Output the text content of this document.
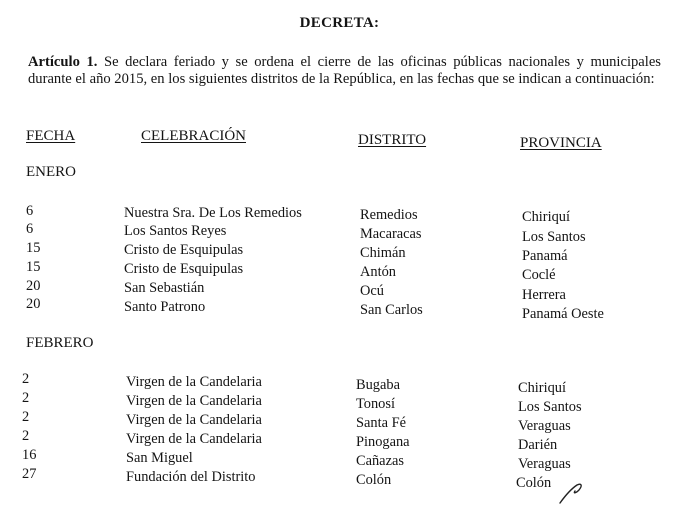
DECRETA:
Artículo 1. Se declara feriado y se ordena el cierre de las oficinas públicas nacionales y municipales durante el año 2015, en los siguientes distritos de la República, en las fechas que se indican a continuación:
FECHA	CELEBRACIÓN	DISTRITO	PROVINCIA
ENERO
6	Nuestra Sra. De Los Remedios	Remedios	Chiriquí
6	Los Santos Reyes	Macaracas	Los Santos
15	Cristo de Esquipulas	Chimán	Panamá
15	Cristo de Esquipulas	Antón	Coclé
20	San Sebastián	Ocú	Herrera
20	Santo Patrono	San Carlos	Panamá Oeste
FEBRERO
2	Virgen de la Candelaria	Bugaba	Chiriquí
2	Virgen de la Candelaria	Tonosí	Los Santos
2	Virgen de la Candelaria	Santa Fé	Veraguas
2	Virgen de la Candelaria	Pinogana	Darién
16	San Miguel	Cañazas	Veraguas
27	Fundación del Distrito	Colón	Colón
